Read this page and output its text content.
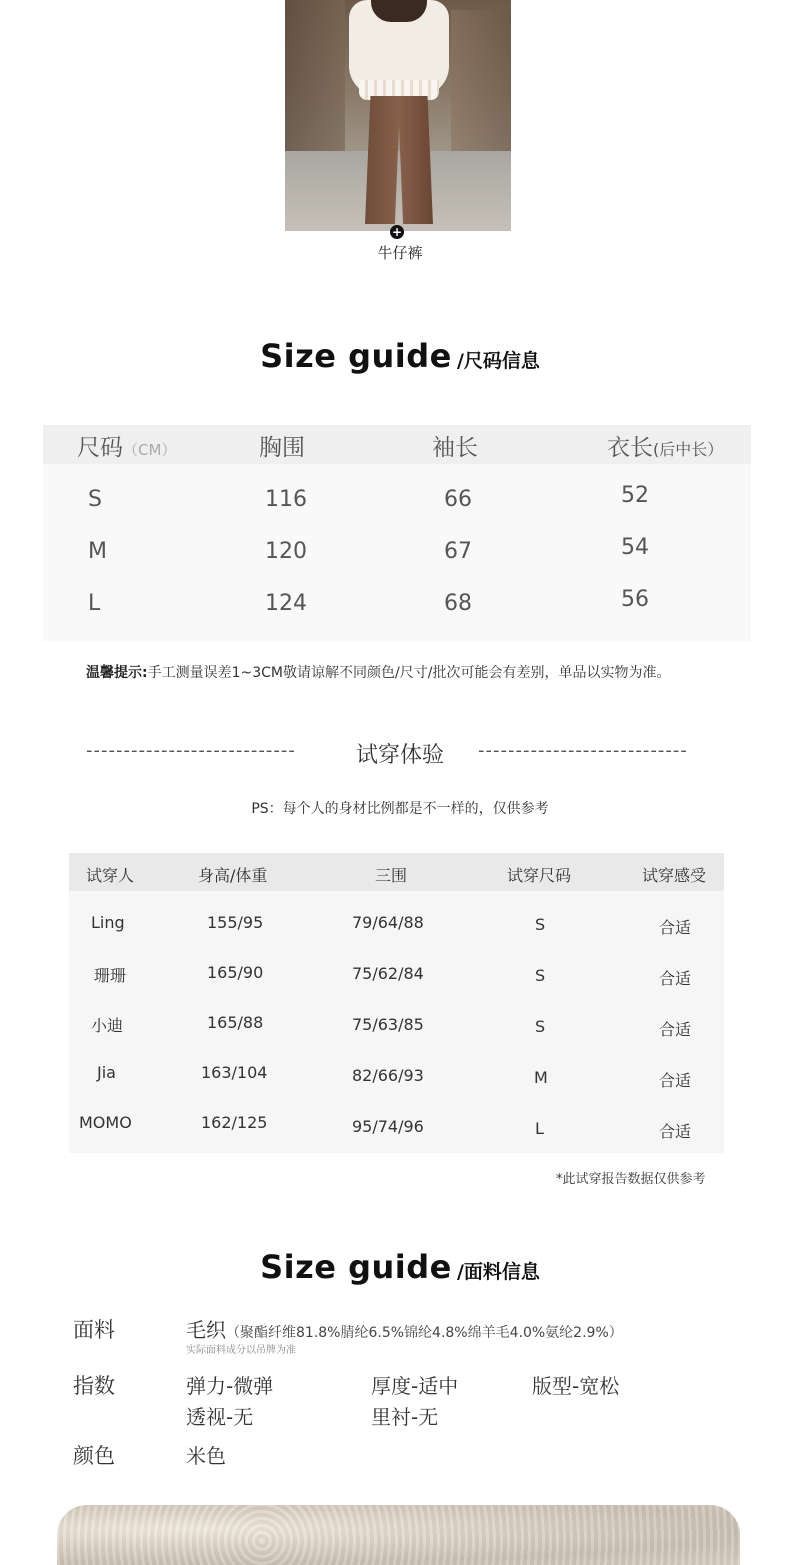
+
牛仔裤
Size guide /尺码信息
尺码（CM）	胸围	袖长	衣长(后中长）
S	116	66	52
M	120	67	54
L	124	68	56
温馨提示:手工测量误差1~3CM敬请谅解不同颜色/尺寸/批次可能会有差别，单品以实物为准。
----------------------------	试穿体验	----------------------------
PS：每个人的身材比例都是不一样的，仅供参考
试穿人	身高/体重	三围	试穿尺码	试穿感受
Ling	155/95	79/64/88	S	合适
珊珊	165/90	75/62/84	S	合适
小迪	165/88	75/63/85	S	合适
Jia	163/104	82/66/93	M	合适
MOMO	162/125	95/74/96	L	合适
*此试穿报告数据仅供参考
Size guide /面料信息
面料	毛织（聚酯纤维81.8%腈纶6.5%锦纶4.8%绵羊毛4.0%氨纶2.9%）
实际面料成分以吊牌为准
指数	弹力-微弹	厚度-适中	版型-宽松
透视-无	里衬-无
颜色	米色
